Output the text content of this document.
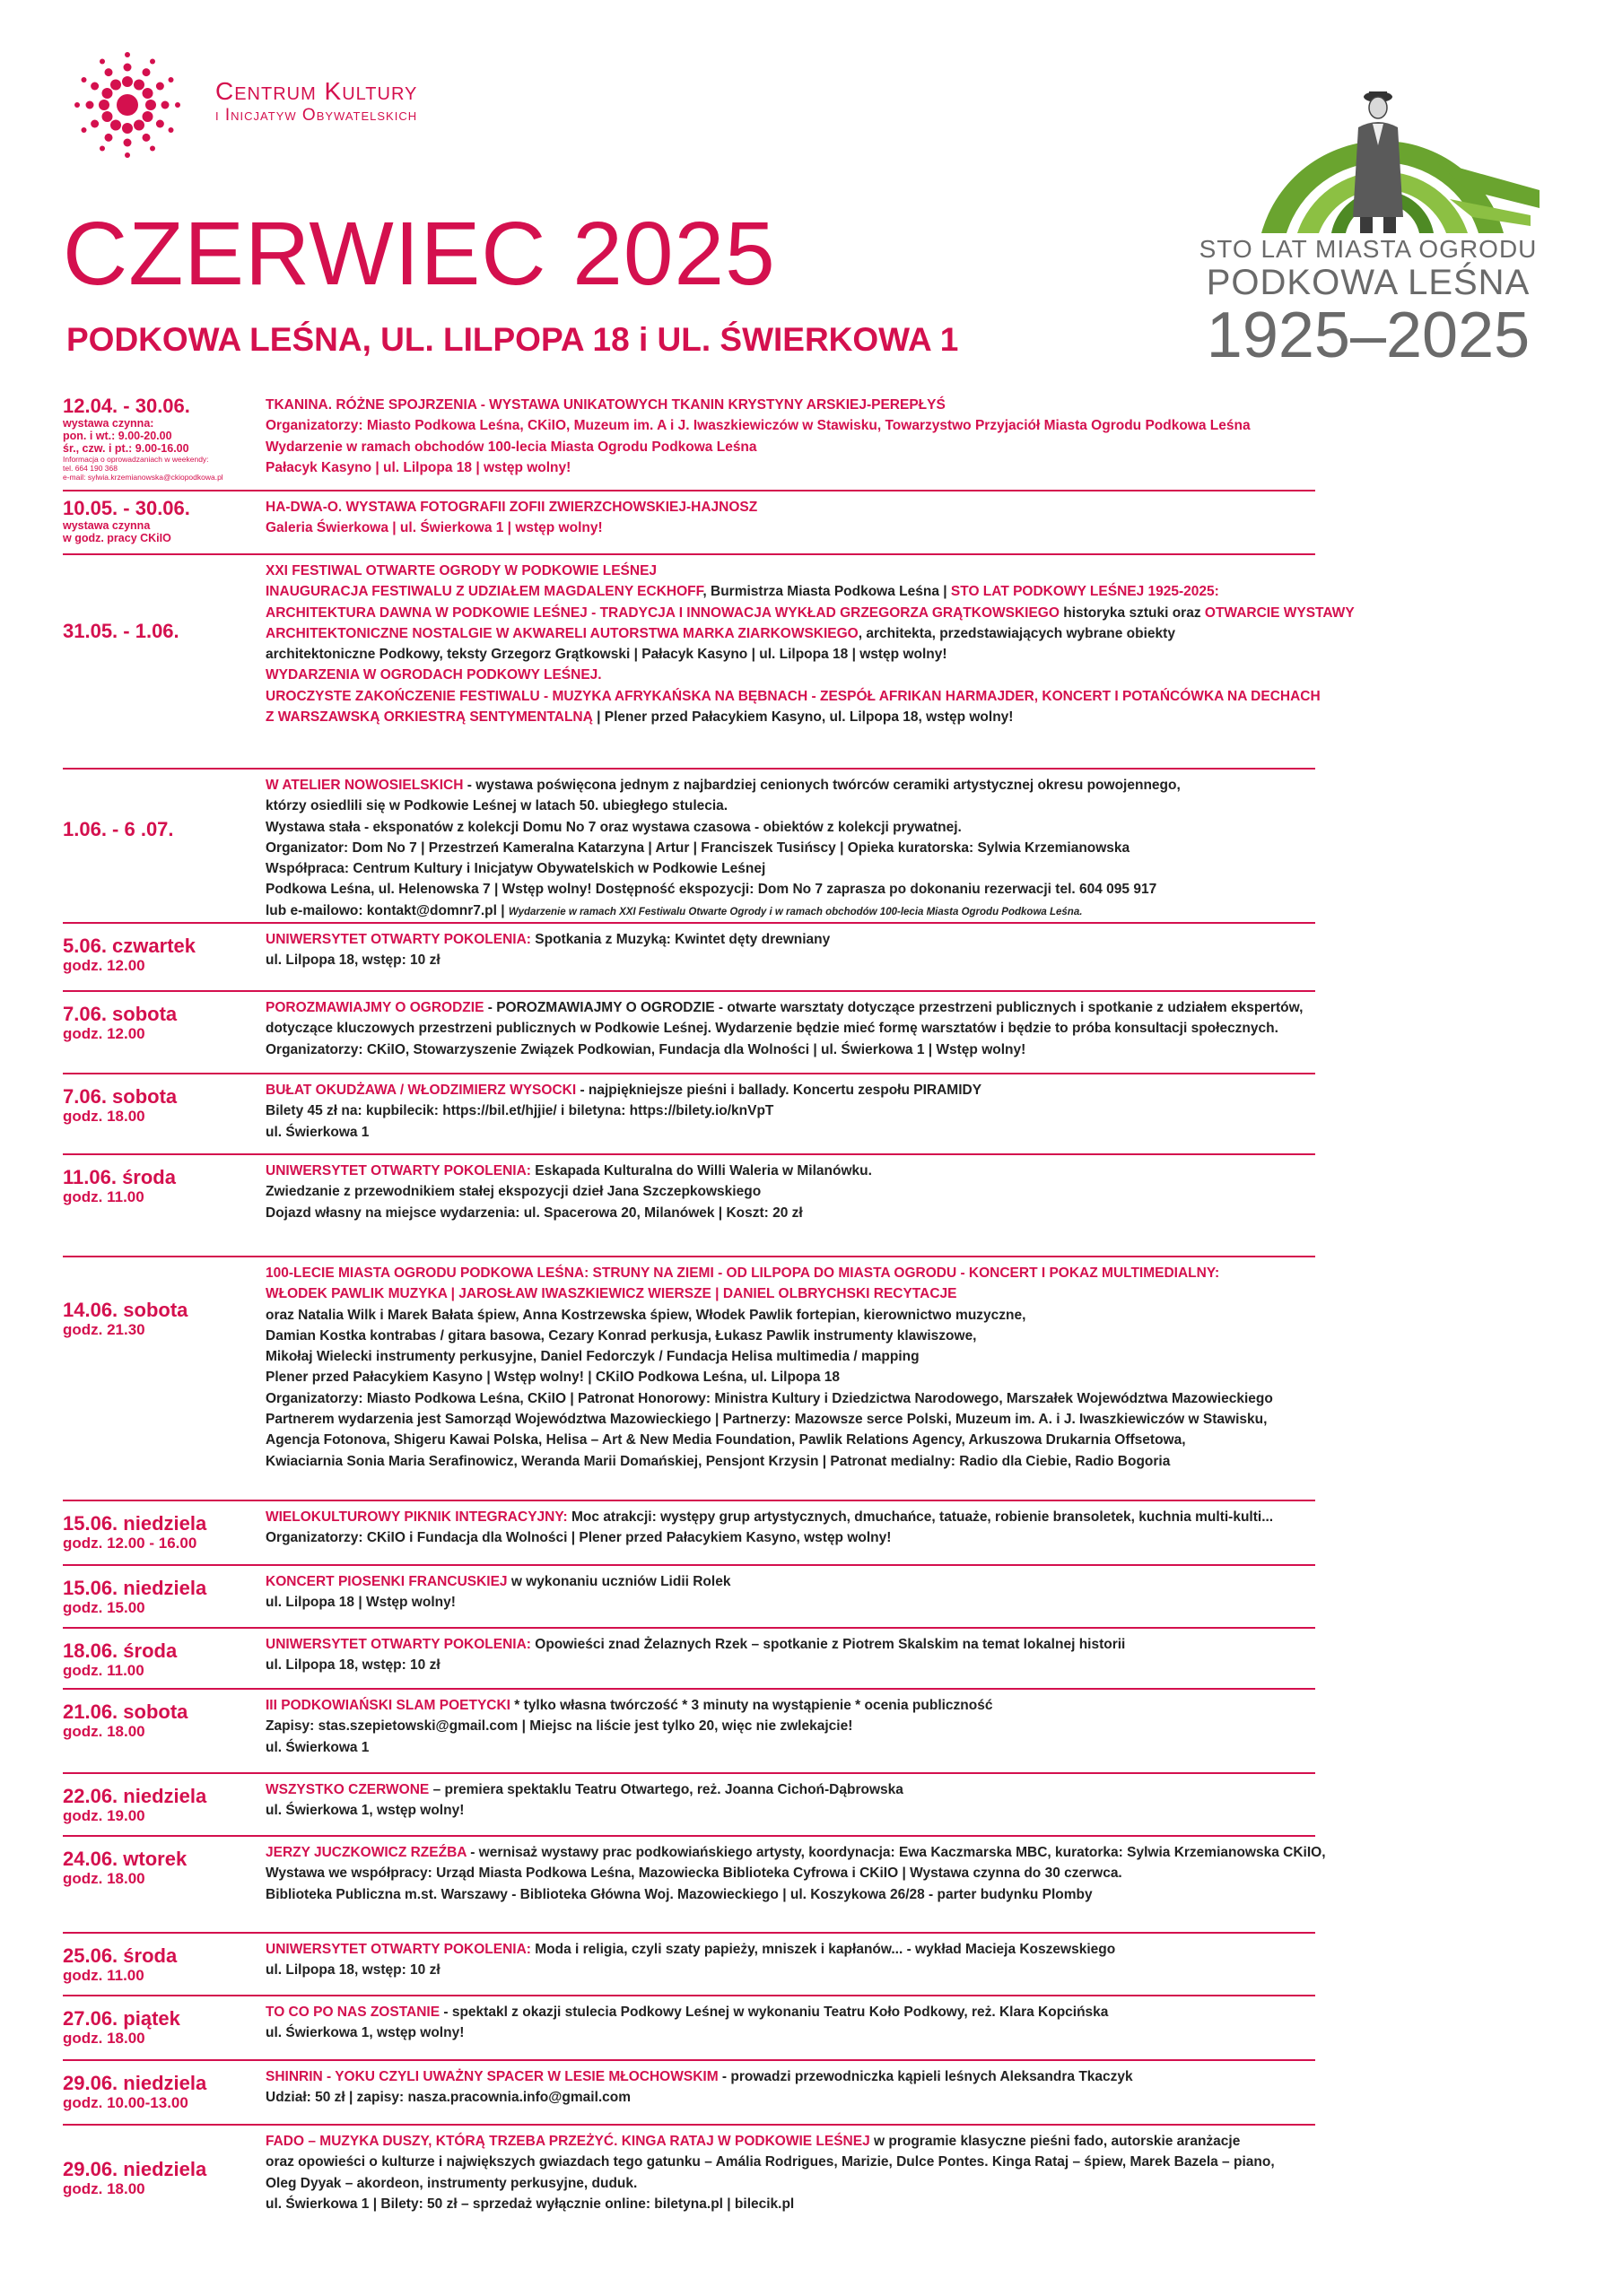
Centrum Kultury
i Inicjatyw Obywatelskich
CZERWIEC 2025
PODKOWA LEŚNA, UL. LILPOPA 18 i UL. ŚWIERKOWA 1
STO LAT MIASTA OGRODU
PODKOWA LEŚNA
1925–2025
12.04. - 30.06.
wystawa czynna:
pon. i wt.: 9.00-20.00
śr., czw. i pt.: 9.00-16.00
Informacja o oprowadzaniach w weekendy:
tel. 664 190 368
e-mail: sylwia.krzemianowska@ckiopodkowa.pl
TKANINA. RÓŻNE SPOJRZENIA - WYSTAWA UNIKATOWYCH TKANIN KRYSTYNY ARSKIEJ-PEREPŁYŚ
Organizatorzy: Miasto Podkowa Leśna, CKiIO, Muzeum im. A i J. Iwaszkiewiczów w Stawisku, Towarzystwo Przyjaciół Miasta Ogrodu Podkowa Leśna
Wydarzenie w ramach obchodów 100-lecia Miasta Ogrodu Podkowa Leśna
Pałacyk Kasyno | ul. Lilpopa 18 | wstęp wolny!
10.05. - 30.06.
wystawa czynna
w godz. pracy CKiIO
HA-DWA-O. WYSTAWA FOTOGRAFII ZOFII ZWIERZCHOWSKIEJ-HAJNOSZ
Galeria Świerkowa | ul. Świerkowa 1 | wstęp wolny!
31.05. - 1.06.
XXI FESTIWAL OTWARTE OGRODY W PODKOWIE LEŚNEJ
INAUGURACJA FESTIWALU Z UDZIAŁEM MAGDALENY ECKHOFF, Burmistrza Miasta Podkowa Leśna | STO LAT PODKOWY LEŚNEJ 1925-2025:
ARCHITEKTURA DAWNA W PODKOWIE LEŚNEJ - TRADYCJA I INNOWACJA WYKŁAD GRZEGORZA GRĄTKOWSKIEGO historyka sztuki oraz OTWARCIE WYSTAWY
ARCHITEKTONICZNE NOSTALGIE W AKWARELI AUTORSTWA MARKA ZIARKOWSKIEGO, architekta, przedstawiających wybrane obiekty
architektoniczne Podkowy, teksty Grzegorz Grątkowski | Pałacyk Kasyno | ul. Lilpopa 18 | wstęp wolny!
WYDARZENIA W OGRODACH PODKOWY LEŚNEJ.
UROCZYSTE ZAKOŃCZENIE FESTIWALU - MUZYKA AFRYKAŃSKA NA BĘBNACH - ZESPÓŁ AFRIKAN HARMAJDER, KONCERT I POTAŃCÓWKA NA DECHACH
Z WARSZAWSKĄ ORKIESTRĄ SENTYMENTALNĄ | Plener przed Pałacykiem Kasyno, ul. Lilpopa 18, wstęp wolny!
1.06. - 6 .07.
W ATELIER NOWOSIELSKICH - wystawa poświęcona jednym z najbardziej cenionych twórców ceramiki artystycznej okresu powojennego,
którzy osiedlili się w Podkowie Leśnej w latach 50. ubiegłego stulecia.
Wystawa stała - eksponatów z kolekcji Domu No 7 oraz wystawa czasowa - obiektów z kolekcji prywatnej.
Organizator: Dom No 7 | Przestrzeń Kameralna Katarzyna | Artur | Franciszek Tusińscy | Opieka kuratorska: Sylwia Krzemianowska
Współpraca: Centrum Kultury i Inicjatyw Obywatelskich w Podkowie Leśnej
Podkowa Leśna, ul. Helenowska 7 | Wstęp wolny! Dostępność ekspozycji: Dom No 7 zaprasza po dokonaniu rezerwacji tel. 604 095 917
lub e-mailowo: kontakt@domnr7.pl | Wydarzenie w ramach XXI Festiwalu Otwarte Ogrody i w ramach obchodów 100-lecia Miasta Ogrodu Podkowa Leśna.
5.06. czwartek
godz. 12.00
UNIWERSYTET OTWARTY POKOLENIA: Spotkania z Muzyką: Kwintet dęty drewniany
ul. Lilpopa 18, wstęp: 10 zł
7.06. sobota
godz. 12.00
POROZMAWIAJMY O OGRODZIE - POROZMAWIAJMY O OGRODZIE - otwarte warsztaty dotyczące przestrzeni publicznych i spotkanie z udziałem ekspertów,
dotyczące kluczowych przestrzeni publicznych w Podkowie Leśnej. Wydarzenie będzie mieć formę warsztatów i będzie to próba konsultacji społecznych.
Organizatorzy: CKiIO, Stowarzyszenie Związek Podkowian, Fundacja dla Wolności | ul. Świerkowa 1 | Wstęp wolny!
7.06. sobota
godz. 18.00
BUŁAT OKUDŻAWA / WŁODZIMIERZ WYSOCKI - najpiękniejsze pieśni i ballady. Koncertu zespołu PIRAMIDY
Bilety 45 zł na: kupbilecik: https://bil.et/hjjie/ i biletyna: https://bilety.io/knVpT
ul. Świerkowa 1
11.06. środa
godz. 11.00
UNIWERSYTET OTWARTY POKOLENIA: Eskapada Kulturalna do Willi Waleria w Milanówku.
Zwiedzanie z przewodnikiem stałej ekspozycji dzieł Jana Szczepkowskiego
Dojazd własny na miejsce wydarzenia: ul. Spacerowa 20, Milanówek | Koszt: 20 zł
14.06. sobota
godz. 21.30
100-LECIE MIASTA OGRODU PODKOWA LEŚNA: STRUNY NA ZIEMI - OD LILPOPA DO MIASTA OGRODU - KONCERT I POKAZ MULTIMEDIALNY:
WŁODEK PAWLIK MUZYKA | JAROSŁAW IWASZKIEWICZ WIERSZE | DANIEL OLBRYCHSKI RECYTACJE
oraz Natalia Wilk i Marek Bałata śpiew, Anna Kostrzewska śpiew, Włodek Pawlik fortepian, kierownictwo muzyczne,
Damian Kostka kontrabas / gitara basowa, Cezary Konrad perkusja, Łukasz Pawlik instrumenty klawiszowe,
Mikołaj Wielecki instrumenty perkusyjne, Daniel Fedorczyk / Fundacja Helisa multimedia / mapping
Plener przed Pałacykiem Kasyno | Wstęp wolny! | CKiIO Podkowa Leśna, ul. Lilpopa 18
Organizatorzy: Miasto Podkowa Leśna, CKiIO | Patronat Honorowy: Ministra Kultury i Dziedzictwa Narodowego, Marszałek Województwa Mazowieckiego
Partnerem wydarzenia jest Samorząd Województwa Mazowieckiego | Partnerzy: Mazowsze serce Polski, Muzeum im. A. i J. Iwaszkiewiczów w Stawisku,
Agencja Fotonova, Shigeru Kawai Polska, Helisa – Art & New Media Foundation, Pawlik Relations Agency, Arkuszowa Drukarnia Offsetowa,
Kwiaciarnia Sonia Maria Serafinowicz, Weranda Marii Domańskiej, Pensjont Krzysin | Patronat medialny: Radio dla Ciebie, Radio Bogoria
15.06. niedziela
godz. 12.00 - 16.00
WIELOKULTUROWY PIKNIK INTEGRACYJNY: Moc atrakcji: występy grup artystycznych, dmuchańce, tatuaże, robienie bransoletek, kuchnia multi-kulti...
Organizatorzy: CKiIO i Fundacja dla Wolności | Plener przed Pałacykiem Kasyno, wstęp wolny!
15.06. niedziela
godz. 15.00
KONCERT PIOSENKI FRANCUSKIEJ w wykonaniu uczniów Lidii Rolek
ul. Lilpopa 18 | Wstęp wolny!
18.06. środa
godz. 11.00
UNIWERSYTET OTWARTY POKOLENIA: Opowieści znad Żelaznych Rzek – spotkanie z Piotrem Skalskim na temat lokalnej historii
ul. Lilpopa 18, wstęp: 10 zł
21.06. sobota
godz. 18.00
III PODKOWIAŃSKI SLAM POETYCKI * tylko własna twórczość * 3 minuty na wystąpienie * ocenia publiczność
Zapisy: stas.szepietowski@gmail.com | Miejsc na liście jest tylko 20, więc nie zwlekajcie!
ul. Świerkowa 1
22.06. niedziela
godz. 19.00
WSZYSTKO CZERWONE – premiera spektaklu Teatru Otwartego, reż. Joanna Cichoń-Dąbrowska
ul. Świerkowa 1, wstęp wolny!
24.06. wtorek
godz. 18.00
JERZY JUCZKOWICZ RZEŹBA - wernisaż wystawy prac podkowiańskiego artysty, koordynacja: Ewa Kaczmarska MBC, kuratorka: Sylwia Krzemianowska CKiIO,
Wystawa we współpracy: Urząd Miasta Podkowa Leśna, Mazowiecka Biblioteka Cyfrowa i CKiIO | Wystawa czynna do 30 czerwca.
Biblioteka Publiczna m.st. Warszawy - Biblioteka Główna Woj. Mazowieckiego | ul. Koszykowa 26/28 - parter budynku Plomby
25.06. środa
godz. 11.00
UNIWERSYTET OTWARTY POKOLENIA: Moda i religia, czyli szaty papieży, mniszek i kapłanów... - wykład Macieja Koszewskiego
ul. Lilpopa 18, wstęp: 10 zł
27.06. piątek
godz. 18.00
TO CO PO NAS ZOSTANIE - spektakl z okazji stulecia Podkowy Leśnej w wykonaniu Teatru Koło Podkowy, reż. Klara Kopcińska
ul. Świerkowa 1, wstęp wolny!
29.06. niedziela
godz. 10.00-13.00
SHINRIN - YOKU CZYLI UWAŻNY SPACER W LESIE MŁOCHOWSKIM - prowadzi przewodniczka kąpieli leśnych Aleksandra Tkaczyk
Udział: 50 zł | zapisy: nasza.pracownia.info@gmail.com
29.06. niedziela
godz. 18.00
FADO – MUZYKA DUSZY, KTÓRĄ TRZEBA PRZEŻYĆ. KINGA RATAJ W PODKOWIE LEŚNEJ w programie klasyczne pieśni fado, autorskie aranżacje
oraz opowieści o kulturze i największych gwiazdach tego gatunku – Amália Rodrigues, Marizie, Dulce Pontes. Kinga Rataj – śpiew, Marek Bazela – piano,
Oleg Dyyak – akordeon, instrumenty perkusyjne, duduk.
ul. Świerkowa 1 | Bilety: 50 zł – sprzedaż wyłącznie online: biletyna.pl | bilecik.pl
